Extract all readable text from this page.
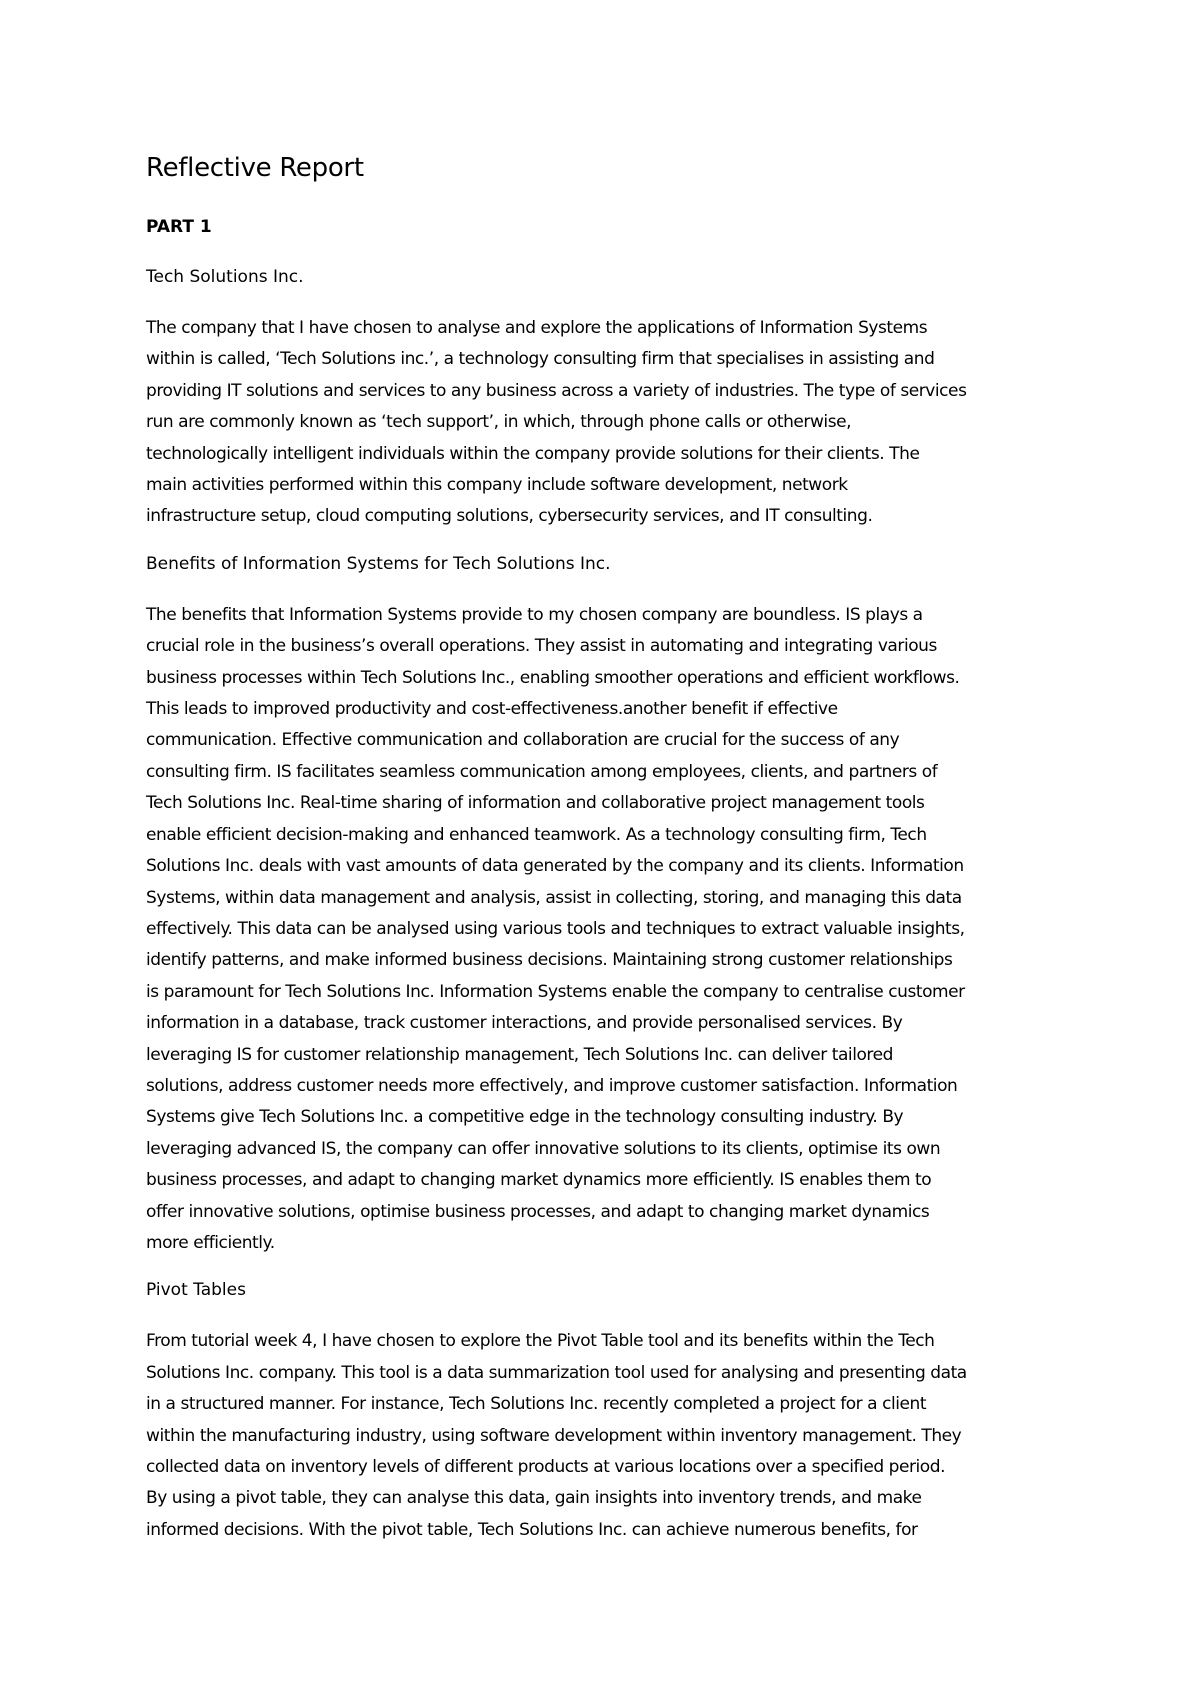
Reflective Report

PART 1

Tech Solutions Inc.

The company that I have chosen to analyse and explore the applications of Information Systems
within is called, ‘Tech Solutions inc.’, a technology consulting firm that specialises in assisting and
providing IT solutions and services to any business across a variety of industries. The type of services
run are commonly known as ‘tech support’, in which, through phone calls or otherwise,
technologically intelligent individuals within the company provide solutions for their clients. The
main activities performed within this company include software development, network
infrastructure setup, cloud computing solutions, cybersecurity services, and IT consulting.

Benefits of Information Systems for Tech Solutions Inc.

The benefits that Information Systems provide to my chosen company are boundless. IS plays a
crucial role in the business’s overall operations. They assist in automating and integrating various
business processes within Tech Solutions Inc., enabling smoother operations and efficient workflows.
This leads to improved productivity and cost-effectiveness.another benefit if effective
communication. Effective communication and collaboration are crucial for the success of any
consulting firm. IS facilitates seamless communication among employees, clients, and partners of
Tech Solutions Inc. Real-time sharing of information and collaborative project management tools
enable efficient decision-making and enhanced teamwork. As a technology consulting firm, Tech
Solutions Inc. deals with vast amounts of data generated by the company and its clients. Information
Systems, within data management and analysis, assist in collecting, storing, and managing this data
effectively. This data can be analysed using various tools and techniques to extract valuable insights,
identify patterns, and make informed business decisions. Maintaining strong customer relationships
is paramount for Tech Solutions Inc. Information Systems enable the company to centralise customer
information in a database, track customer interactions, and provide personalised services. By
leveraging IS for customer relationship management, Tech Solutions Inc. can deliver tailored
solutions, address customer needs more effectively, and improve customer satisfaction. Information
Systems give Tech Solutions Inc. a competitive edge in the technology consulting industry. By
leveraging advanced IS, the company can offer innovative solutions to its clients, optimise its own
business processes, and adapt to changing market dynamics more efficiently. IS enables them to
offer innovative solutions, optimise business processes, and adapt to changing market dynamics
more efficiently.

Pivot Tables

From tutorial week 4, I have chosen to explore the Pivot Table tool and its benefits within the Tech
Solutions Inc. company. This tool is a data summarization tool used for analysing and presenting data
in a structured manner. For instance, Tech Solutions Inc. recently completed a project for a client
within the manufacturing industry, using software development within inventory management. They
collected data on inventory levels of different products at various locations over a specified period.
By using a pivot table, they can analyse this data, gain insights into inventory trends, and make
informed decisions. With the pivot table, Tech Solutions Inc. can achieve numerous benefits, for
